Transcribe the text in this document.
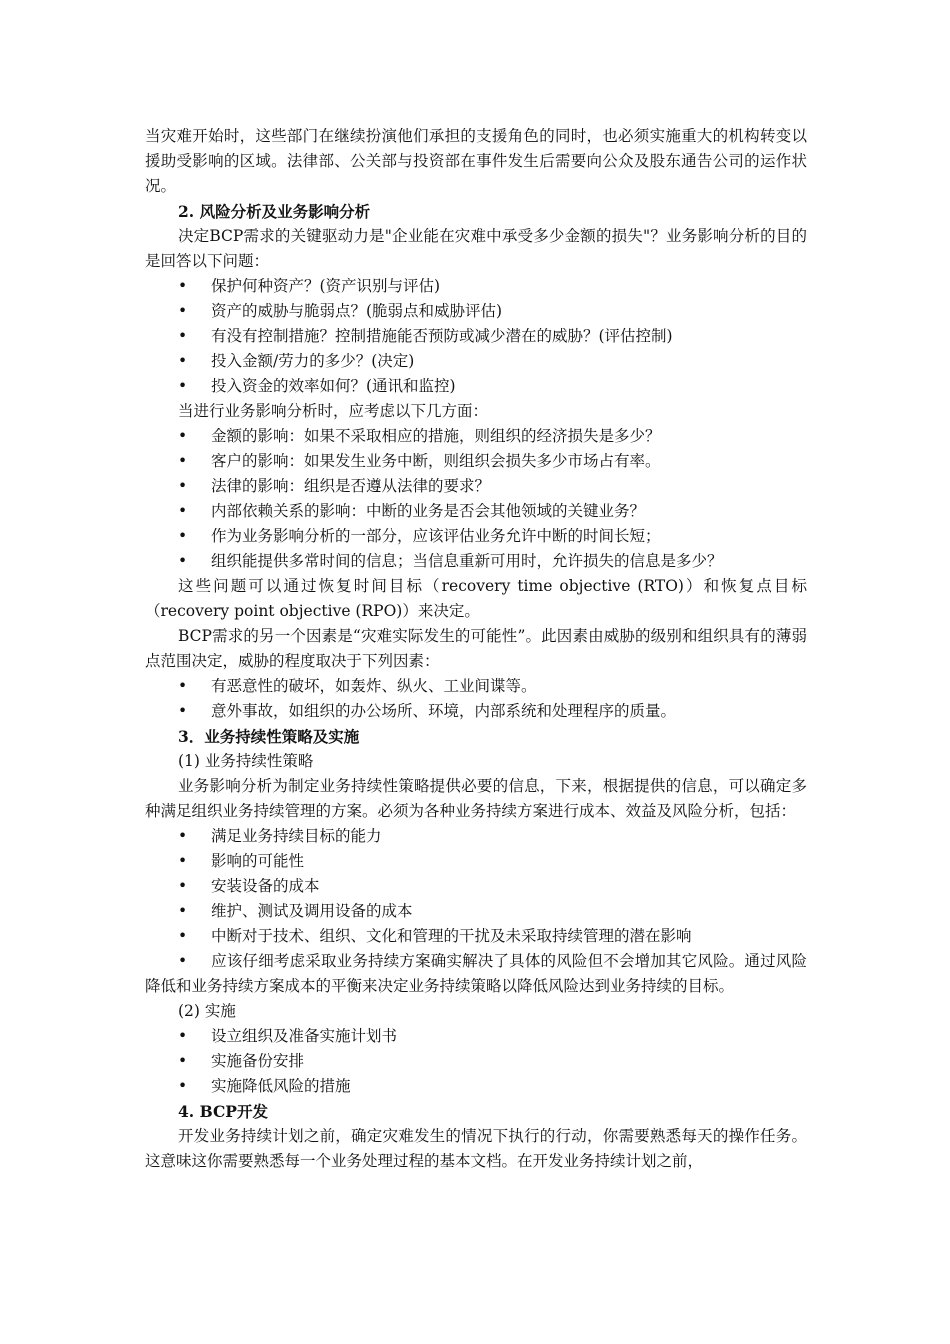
当灾难开始时，这些部门在继续扮演他们承担的支援角色的同时，也必须实施重大的机构转变以援助受影响的区域。法律部、公关部与投资部在事件发生后需要向公众及股东通告公司的运作状况。

2. 风险分析及业务影响分析

决定BCP需求的关键驱动力是"企业能在灾难中承受多少金额的损失"？业务影响分析的目的是回答以下问题：

• 保护何种资产？(资产识别与评估)

• 资产的威胁与脆弱点？(脆弱点和威胁评估)

• 有没有控制措施？控制措施能否预防或减少潜在的威胁？(评估控制)

• 投入金额/劳力的多少？(决定)

• 投入资金的效率如何？(通讯和监控)

当进行业务影响分析时，应考虑以下几方面：

• 金额的影响：如果不采取相应的措施，则组织的经济损失是多少？

• 客户的影响：如果发生业务中断，则组织会损失多少市场占有率。

• 法律的影响：组织是否遵从法律的要求？

• 内部依赖关系的影响：中断的业务是否会其他领域的关键业务？

• 作为业务影响分析的一部分，应该评估业务允许中断的时间长短；

• 组织能提供多常时间的信息；当信息重新可用时，允许损失的信息是多少？

这些问题可以通过恢复时间目标（recovery time objective (RTO)）和恢复点目标（recovery point objective (RPO)）来决定。

BCP需求的另一个因素是“灾难实际发生的可能性”。此因素由威胁的级别和组织具有的薄弱点范围决定，威胁的程度取决于下列因素：

• 有恶意性的破坏，如轰炸、纵火、工业间谍等。

• 意外事故，如组织的办公场所、环境，内部系统和处理程序的质量。

3．业务持续性策略及实施

(1) 业务持续性策略

业务影响分析为制定业务持续性策略提供必要的信息，下来，根据提供的信息，可以确定多种满足组织业务持续管理的方案。必须为各种业务持续方案进行成本、效益及风险分析，包括：

• 满足业务持续目标的能力

• 影响的可能性

• 安装设备的成本

• 维护、测试及调用设备的成本

• 中断对于技术、组织、文化和管理的干扰及未采取持续管理的潜在影响

• 应该仔细考虑采取业务持续方案确实解决了具体的风险但不会增加其它风险。通过风险降低和业务持续方案成本的平衡来决定业务持续策略以降低风险达到业务持续的目标。

(2) 实施

• 设立组织及准备实施计划书

• 实施备份安排

• 实施降低风险的措施

4. BCP开发

开发业务持续计划之前，确定灾难发生的情况下执行的行动，你需要熟悉每天的操作任务。这意味这你需要熟悉每一个业务处理过程的基本文档。在开发业务持续计划之前，
